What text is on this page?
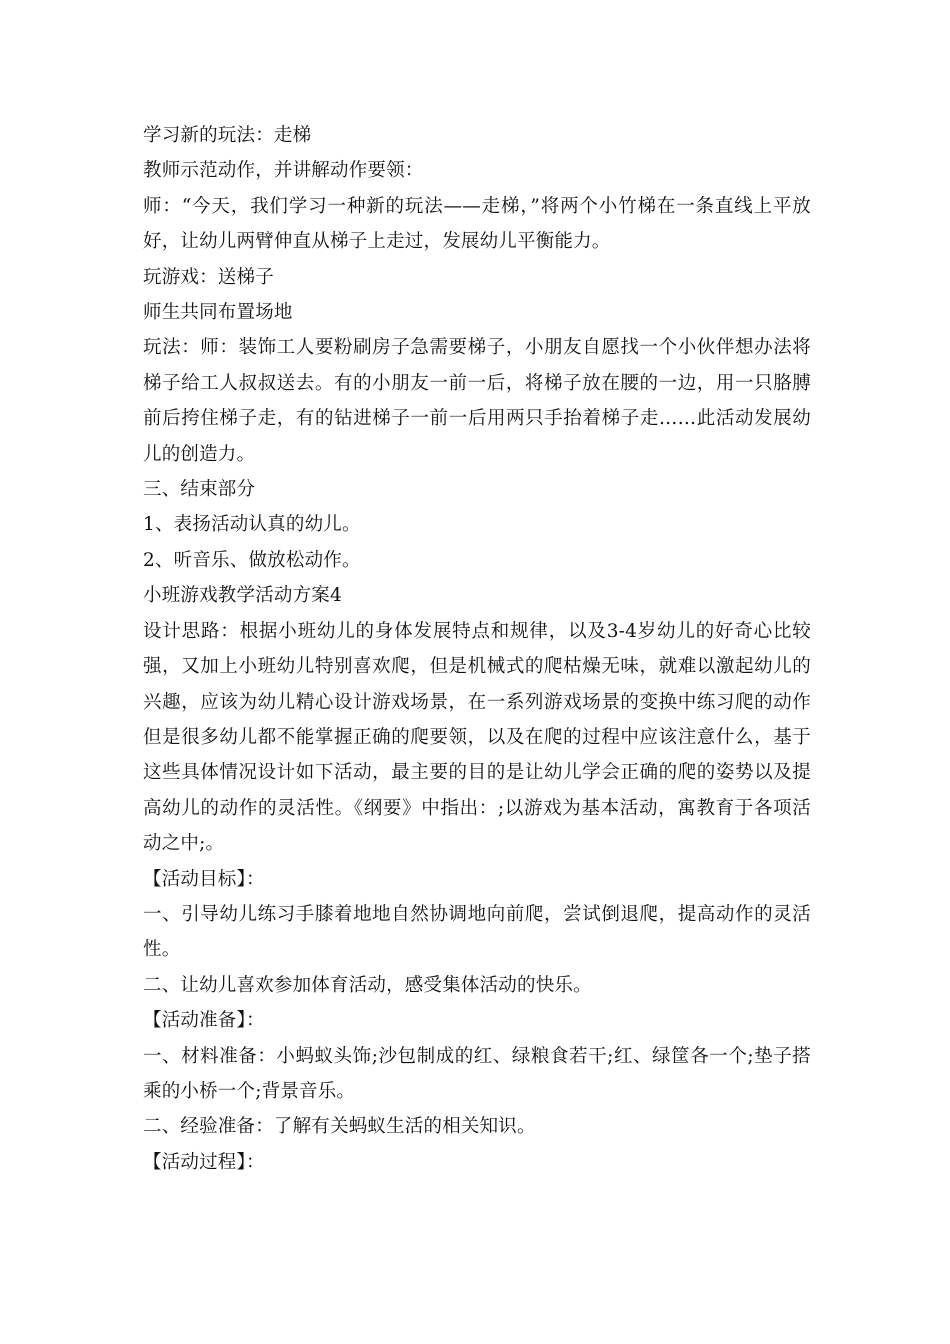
学习新的玩法：走梯

教师示范动作，并讲解动作要领：

师：“今天，我们学习一种新的玩法——走梯，”将两个小竹梯在一条直线上平放好，让幼儿两臂伸直从梯子上走过，发展幼儿平衡能力。

玩游戏：送梯子

师生共同布置场地

玩法：师：装饰工人要粉刷房子急需要梯子，小朋友自愿找一个小伙伴想办法将梯子给工人叔叔送去。有的小朋友一前一后，将梯子放在腰的一边，用一只胳膊前后挎住梯子走，有的钻进梯子一前一后用两只手抬着梯子走……此活动发展幼儿的创造力。

三、结束部分

1、表扬活动认真的幼儿。

2、听音乐、做放松动作。

小班游戏教学活动方案4

设计思路：根据小班幼儿的身体发展特点和规律，以及3-4岁幼儿的好奇心比较强，又加上小班幼儿特别喜欢爬，但是机械式的爬枯燥无味，就难以激起幼儿的兴趣，应该为幼儿精心设计游戏场景，在一系列游戏场景的变换中练习爬的动作但是很多幼儿都不能掌握正确的爬要领，以及在爬的过程中应该注意什么，基于这些具体情况设计如下活动，最主要的目的是让幼儿学会正确的爬的姿势以及提高幼儿的动作的灵活性。《纲要》中指出：;以游戏为基本活动，寓教育于各项活动之中;。

【活动目标】：

一、引导幼儿练习手膝着地地自然协调地向前爬，尝试倒退爬，提高动作的灵活性。

二、让幼儿喜欢参加体育活动，感受集体活动的快乐。

【活动准备】：

一、材料准备：小蚂蚁头饰;沙包制成的红、绿粮食若干;红、绿筐各一个;垫子搭乘的小桥一个;背景音乐。

二、经验准备：了解有关蚂蚁生活的相关知识。

【活动过程】：
